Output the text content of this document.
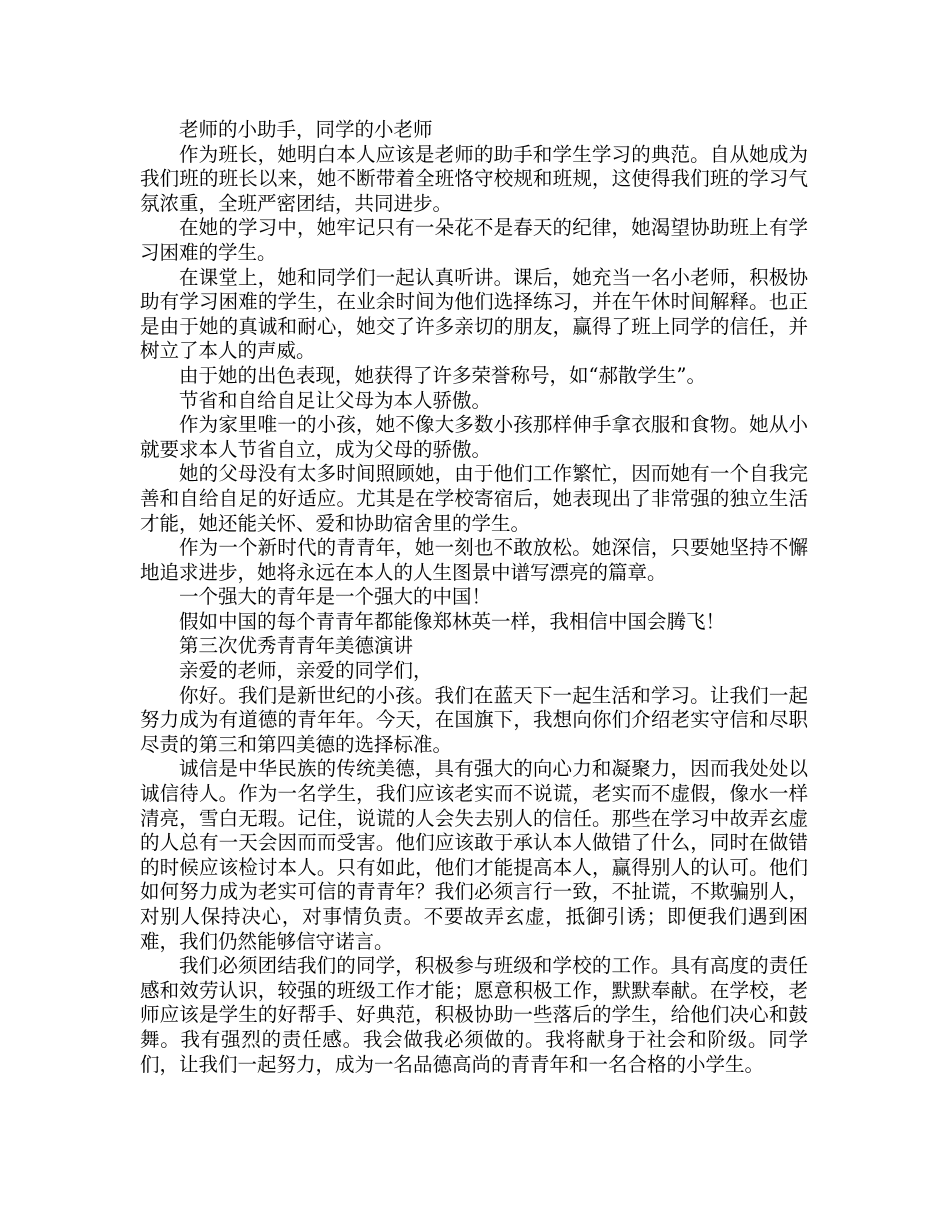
老师的小助手，同学的小老师

作为班长，她明白本人应该是老师的助手和学生学习的典范。自从她成为我们班的班长以来，她不断带着全班恪守校规和班规，这使得我们班的学习气氛浓重，全班严密团结，共同进步。

在她的学习中，她牢记只有一朵花不是春天的纪律，她渴望协助班上有学习困难的学生。

在课堂上，她和同学们一起认真听讲。课后，她充当一名小老师，积极协助有学习困难的学生，在业余时间为他们选择练习，并在午休时间解释。也正是由于她的真诚和耐心，她交了许多亲切的朋友，赢得了班上同学的信任，并树立了本人的声威。

由于她的出色表现，她获得了许多荣誉称号，如“郝散学生”。

节省和自给自足让父母为本人骄傲。

作为家里唯一的小孩，她不像大多数小孩那样伸手拿衣服和食物。她从小就要求本人节省自立，成为父母的骄傲。

她的父母没有太多时间照顾她，由于他们工作繁忙，因而她有一个自我完善和自给自足的好适应。尤其是在学校寄宿后，她表现出了非常强的独立生活才能，她还能关怀、爱和协助宿舍里的学生。

作为一个新时代的青青年，她一刻也不敢放松。她深信，只要她坚持不懈地追求进步，她将永远在本人的人生图景中谱写漂亮的篇章。

一个强大的青年是一个强大的中国！

假如中国的每个青青年都能像郑林英一样，我相信中国会腾飞！

第三次优秀青青年美德演讲

亲爱的老师，亲爱的同学们，

你好。我们是新世纪的小孩。我们在蓝天下一起生活和学习。让我们一起努力成为有道德的青年年。今天，在国旗下，我想向你们介绍老实守信和尽职尽责的第三和第四美德的选择标准。

诚信是中华民族的传统美德，具有强大的向心力和凝聚力，因而我处处以诚信待人。作为一名学生，我们应该老实而不说谎，老实而不虚假，像水一样清亮，雪白无瑕。记住，说谎的人会失去别人的信任。那些在学习中故弄玄虚的人总有一天会因而而受害。他们应该敢于承认本人做错了什么，同时在做错的时候应该检讨本人。只有如此，他们才能提高本人，赢得别人的认可。他们如何努力成为老实可信的青青年？我们必须言行一致，不扯谎，不欺骗别人，对别人保持决心，对事情负责。不要故弄玄虚，抵御引诱；即便我们遇到困难，我们仍然能够信守诺言。

我们必须团结我们的同学，积极参与班级和学校的工作。具有高度的责任感和效劳认识，较强的班级工作才能；愿意积极工作，默默奉献。在学校，老师应该是学生的好帮手、好典范，积极协助一些落后的学生，给他们决心和鼓舞。我有强烈的责任感。我会做我必须做的。我将献身于社会和阶级。同学们，让我们一起努力，成为一名品德高尚的青青年和一名合格的小学生。
